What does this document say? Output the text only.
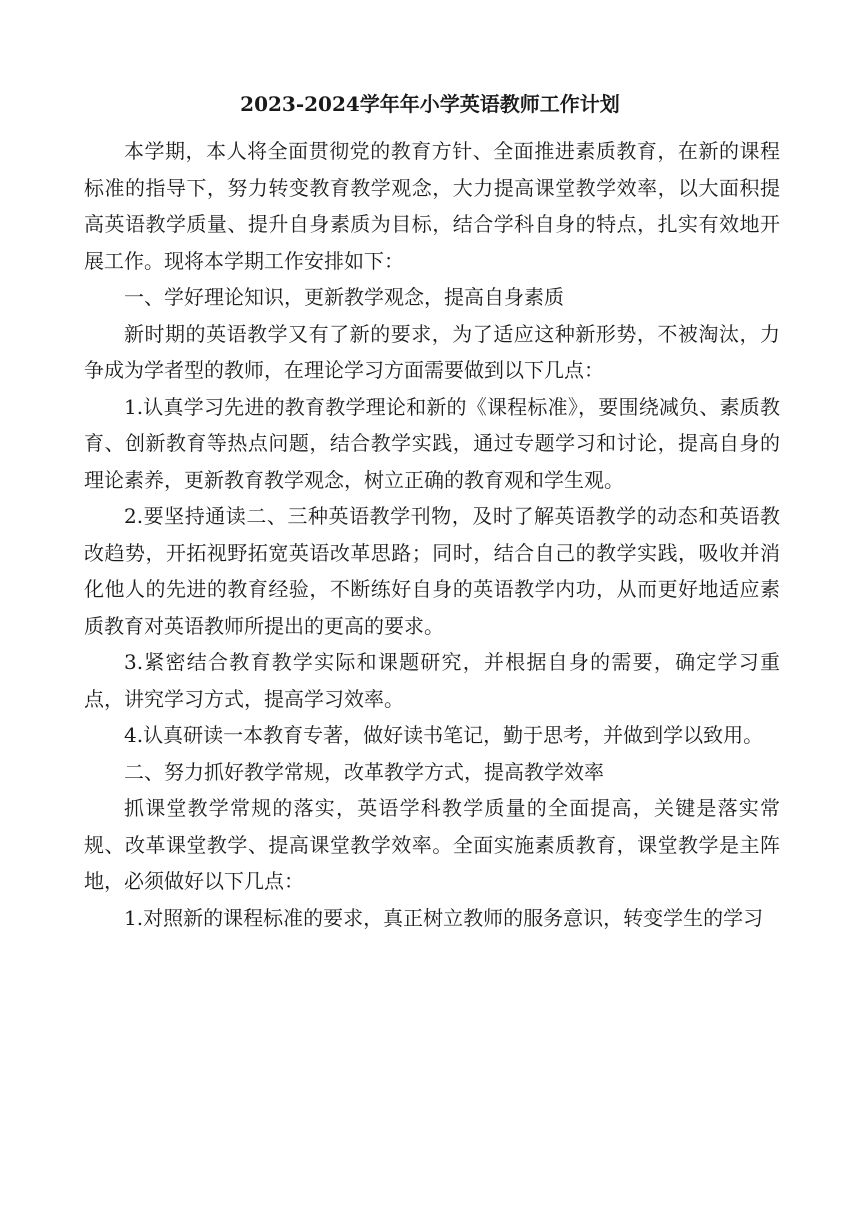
2023-2024学年年小学英语教师工作计划

本学期，本人将全面贯彻党的教育方针、全面推进素质教育，在新的课程标准的指导下，努力转变教育教学观念，大力提高课堂教学效率，以大面积提高英语教学质量、提升自身素质为目标，结合学科自身的特点，扎实有效地开展工作。现将本学期工作安排如下：

一、学好理论知识，更新教学观念，提高自身素质

新时期的英语教学又有了新的要求，为了适应这种新形势，不被淘汰，力争成为学者型的教师，在理论学习方面需要做到以下几点：

1.认真学习先进的教育教学理论和新的《课程标准》，要围绕减负、素质教育、创新教育等热点问题，结合教学实践，通过专题学习和讨论，提高自身的理论素养，更新教育教学观念，树立正确的教育观和学生观。

2.要坚持通读二、三种英语教学刊物，及时了解英语教学的动态和英语教改趋势，开拓视野拓宽英语改革思路；同时，结合自己的教学实践，吸收并消化他人的先进的教育经验，不断练好自身的英语教学内功，从而更好地适应素质教育对英语教师所提出的更高的要求。

3.紧密结合教育教学实际和课题研究，并根据自身的需要，确定学习重点，讲究学习方式，提高学习效率。

4.认真研读一本教育专著，做好读书笔记，勤于思考，并做到学以致用。

二、努力抓好教学常规，改革教学方式，提高教学效率

抓课堂教学常规的落实，英语学科教学质量的全面提高，关键是落实常规、改革课堂教学、提高课堂教学效率。全面实施素质教育，课堂教学是主阵地，必须做好以下几点：

1.对照新的课程标准的要求，真正树立教师的服务意识，转变学生的学习
